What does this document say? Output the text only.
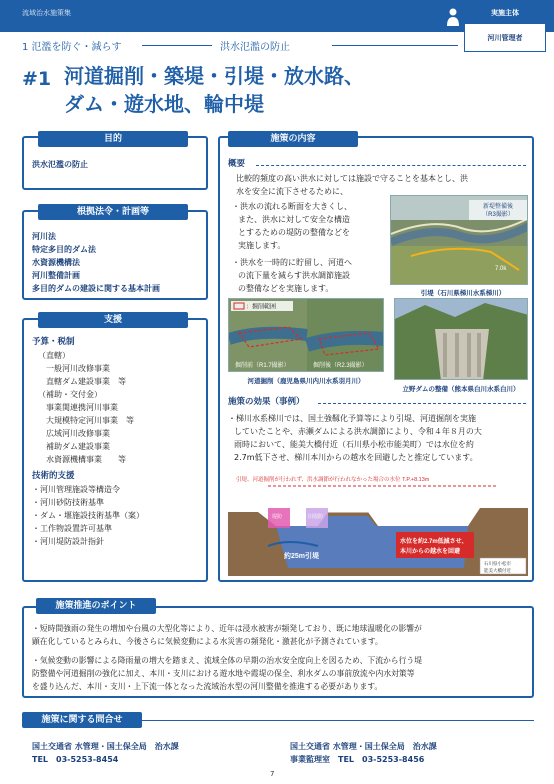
流域治水施策集	実施主体
河川管理者
1 氾濫を防ぐ・減らす	洪水氾濫の防止
#1 河道掘削・築堤・引堤・放水路、
ダム・遊水地、輪中堤
目的
洪水氾濫の防止
根拠法令・計画等
河川法
特定多目的ダム法
水資源機構法
河川整備計画
多目的ダムの建設に関する基本計画
支援
予算・税制
（直轄）
一般河川改修事業
直轄ダム建設事業　等
（補助・交付金）
事業関連携河川事業
大規模特定河川事業　等
広域河川改修事業
補助ダム建設事業
水資源機構事業　　等
技術的支援
・河川管理施設等構造令
・河川砂防技術基準
・ダム・堰施設技術基準（案）
・工作物設置許可基準
・河川堤防設計指針
施策の内容
概要
比較的頻度の高い洪水に対しては施設で守ることを基本とし、洪
水を安全に流下させるために、
・洪水の流れる断面を大きくし、
また、洪水に対して安全な構造
とするための堤防の整備などを
実施します。
・洪水を一時的に貯留し、河道へ
の流下量を減らす洪水調節施設
の整備などを実施します。
新堤整備後
（R3撮影）
7.0k
引堤（石川県梯川水系梯川）
：掘削範囲
掘削前（R1.7撮影）	掘削後（R2.3撮影）
河道掘削（鹿児島県川内川水系羽月川）
立野ダムの整備（熊本県白川水系白川）
施策の効果（事例）
・梯川水系梯川では、国土強靱化予算等により引堤、河道掘削を実施
していたことや、赤瀬ダムによる洪水調節により、令和４年８月の大
雨時において、能美大橋付近（石川県小松市能美町）では水位を約
2.7m低下させ、梯川本川からの越水を回避したと推定しています。
引堤、河道掘削が行われず、洪水調節が行われなかった場合の水位 T.P.+8.13m
堤防	旧堤防
今回洪水の水位 T.P.+5.4m
約25m引堤
水位を約2.7m低減させ、
本川からの越水を回避
石川県小松市
能美大橋付近
施策推進のポイント
・短時間強雨の発生の増加や台風の大型化等により、近年は浸水被害が頻発しており、既に地球温暖化の影響が
顕在化しているとみられ、今後さらに気候変動による水災害の頻発化・激甚化が予測されています。
・気候変動の影響による降雨量の増大を踏まえ、流域全体の早期の治水安全度向上を図るため、下流から行う堤
防整備や河道掘削の強化に加え、本川・支川における遊水地や霞堤の保全、利水ダムの事前放流や内水対策等
を盛り込んだ、本川・支川・上下流一体となった流域治水型の河川整備を推進する必要があります。
施策に関する問合せ
国土交通省 水管理・国土保全局　治水課
TEL　03-5253-8454
国土交通省 水管理・国土保全局　治水課
事業監理室　TEL　03-5253-8456
7
